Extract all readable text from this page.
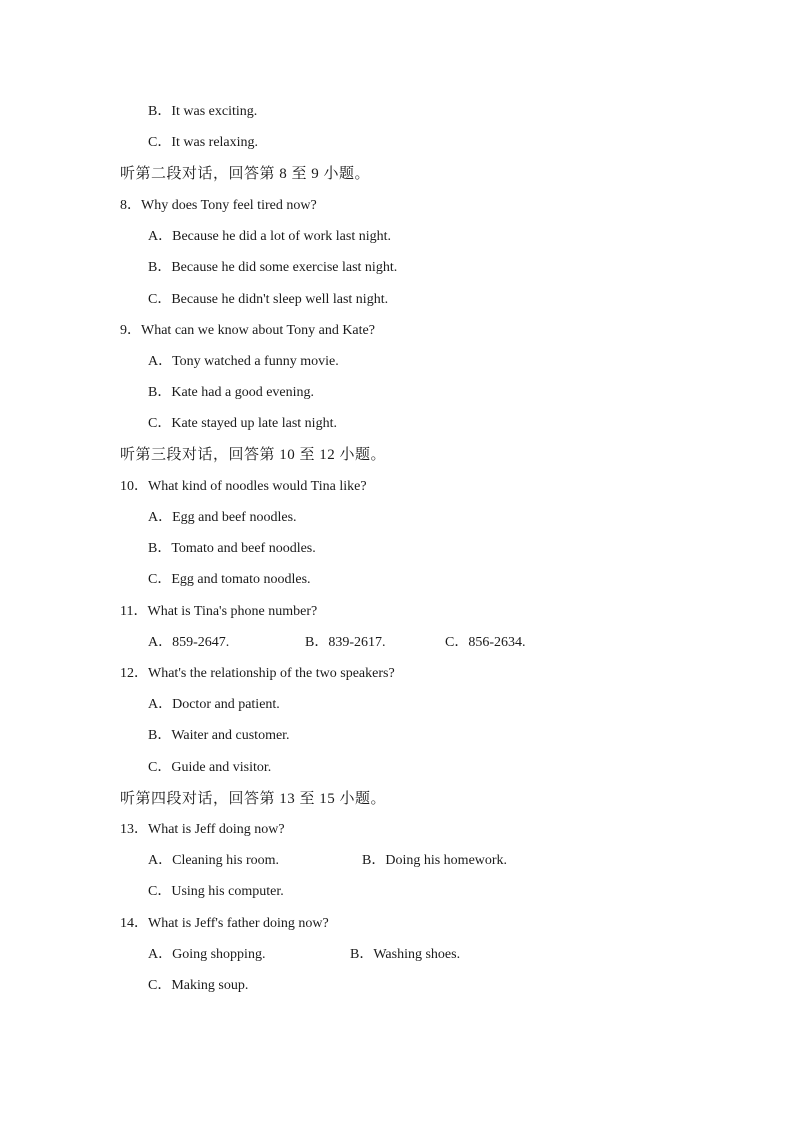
B．It was exciting.
C．It was relaxing.
听第二段对话，回答第 8 至 9 小题。
8．Why does Tony feel tired now?
A．Because he did a lot of work last night.
B．Because he did some exercise last night.
C．Because he didn't sleep well last night.
9．What can we know about Tony and Kate?
A．Tony watched a funny movie.
B．Kate had a good evening.
C．Kate stayed up late last night.
听第三段对话，回答第 10 至 12 小题。
10．What kind of noodles would Tina like?
A．Egg and beef noodles.
B．Tomato and beef noodles.
C．Egg and tomato noodles.
11．What is Tina's phone number?
A．859-2647.	B．839-2617.	C．856-2634.
12．What's the relationship of the two speakers?
A．Doctor and patient.
B．Waiter and customer.
C．Guide and visitor.
听第四段对话，回答第 13 至 15 小题。
13．What is Jeff doing now?
A．Cleaning his room.	B．Doing his homework.
C．Using his computer.
14．What is Jeff's father doing now?
A．Going shopping.	B．Washing shoes.
C．Making soup.
